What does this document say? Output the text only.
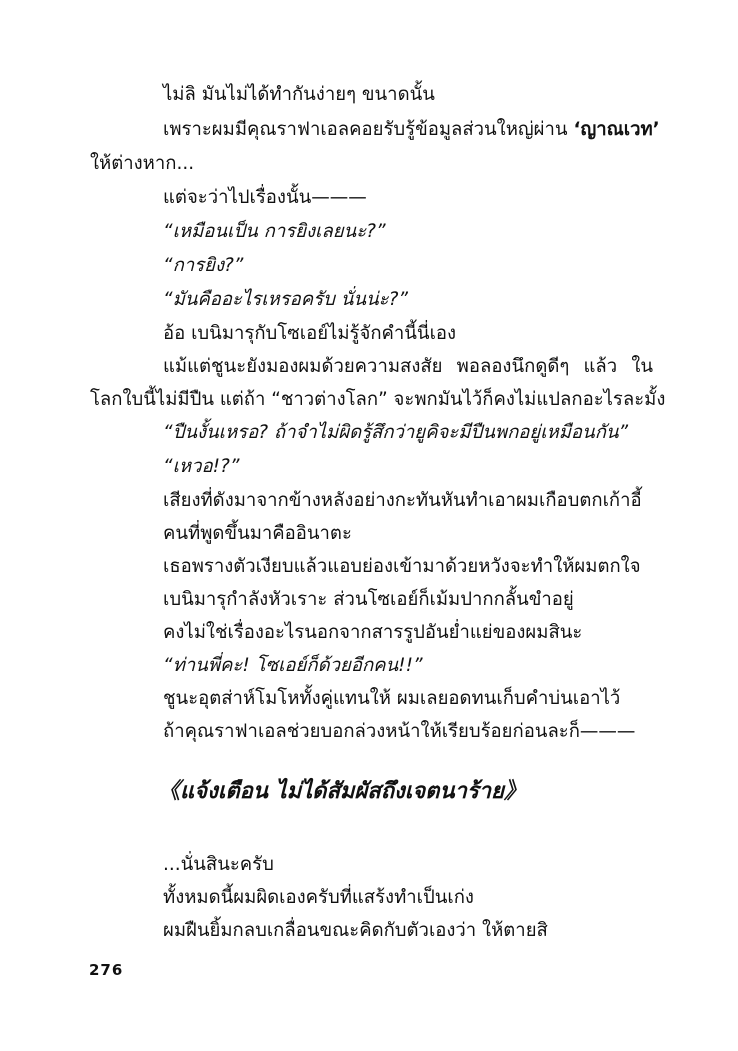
ไม่ลิ มันไม่ได้ทำกันง่ายๆ ขนาดนั้น
เพราะผมมีคุณราฟาเอลคอยรับรู้ข้อมูลส่วนใหญ่ผ่าน ‘ญาณเวท’
ให้ต่างหาก...
แต่จะว่าไปเรื่องนั้น———
“เหมือนเป็น การยิงเลยนะ?”
“การยิง?”
“มันคืออะไรเหรอครับ นั่นน่ะ?”
อ้อ เบนิมารุกับโซเอย์ไม่รู้จักคำนี้นี่เอง
แม้แต่ชูนะยังมองผมด้วยความสงสัย พอลองนึกดูดีๆ แล้ว ใน
โลกใบนี้ไม่มีปืน แต่ถ้า “ชาวต่างโลก” จะพกมันไว้ก็คงไม่แปลกอะไรละมั้ง
“ปืนงั้นเหรอ? ถ้าจำไม่ผิดรู้สึกว่ายูคิจะมีปืนพกอยู่เหมือนกัน”
“เหวอ!?”
เสียงที่ดังมาจากข้างหลังอย่างกะทันหันทำเอาผมเกือบตกเก้าอี้
คนที่พูดขึ้นมาคืออินาตะ
เธอพรางตัวเงียบแล้วแอบย่องเข้ามาด้วยหวังจะทำให้ผมตกใจ
เบนิมารุกำลังหัวเราะ ส่วนโซเอย์ก็เม้มปากกลั้นขำอยู่
คงไม่ใช่เรื่องอะไรนอกจากสารรูปอันย่ำแย่ของผมสินะ
“ท่านพี่คะ! โซเอย์ก็ด้วยอีกคน!!”
ชูนะอุตส่าห์โมโหทั้งคู่แทนให้ ผมเลยอดทนเก็บคำบ่นเอาไว้
ถ้าคุณราฟาเอลช่วยบอกล่วงหน้าให้เรียบร้อยก่อนละก็———
《แจ้งเตือน ไม่ได้สัมผัสถึงเจตนาร้าย》
...นั่นสินะครับ
ทั้งหมดนี้ผมผิดเองครับที่แสร้งทำเป็นเก่ง
ผมฝืนยิ้มกลบเกลื่อนขณะคิดกับตัวเองว่า ให้ตายสิ
276
